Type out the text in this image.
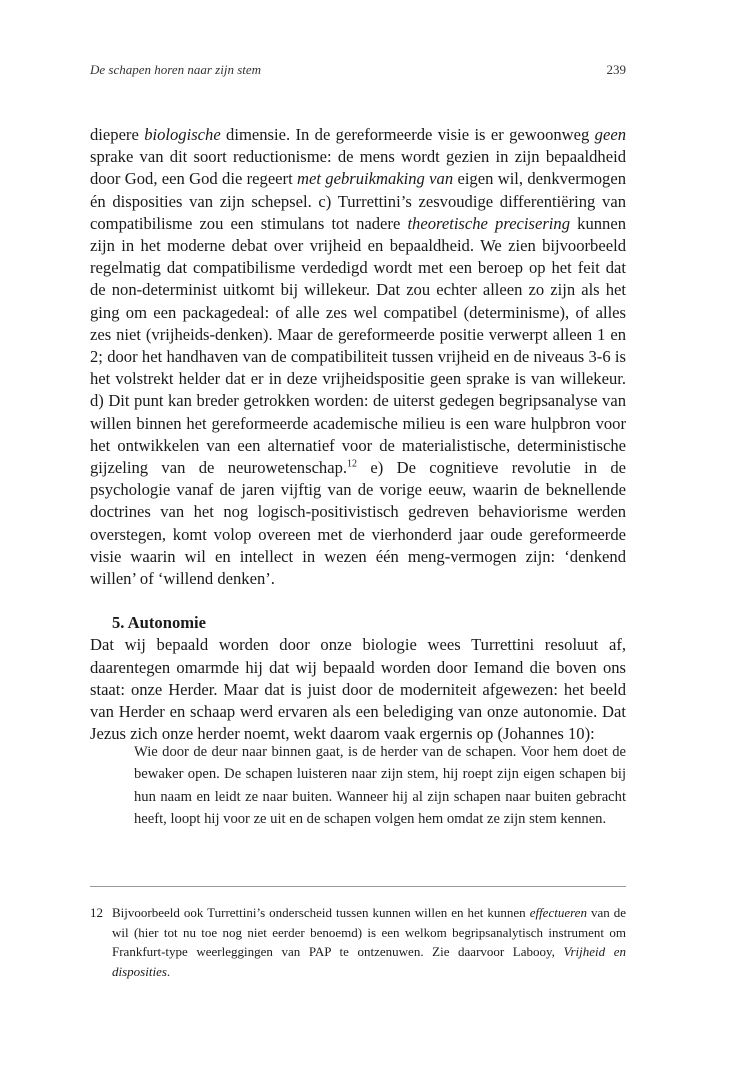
De schapen horen naar zijn stem	239

diepere biologische dimensie. In de gereformeerde visie is er gewoonweg geen sprake van dit soort reductionisme: de mens wordt gezien in zijn bepaaldheid door God, een God die regeert met gebruikmaking van eigen wil, denkvermogen én disposities van zijn schepsel. c) Turrettini’s zesvoudige differentiëring van compatibilisme zou een stimulans tot nadere theoretische precisering kunnen zijn in het moderne debat over vrijheid en bepaaldheid. We zien bijvoorbeeld regelmatig dat compatibilisme verdedigd wordt met een beroep op het feit dat de non-determinist uitkomt bij willekeur. Dat zou echter alleen zo zijn als het ging om een packagedeal: of alle zes wel compatibel (determinisme), of alles zes niet (vrijheids-denken). Maar de gereformeerde positie verwerpt alleen 1 en 2; door het handhaven van de compatibiliteit tussen vrijheid en de niveaus 3-6 is het volstrekt helder dat er in deze vrijheidspositie geen sprake is van willekeur. d) Dit punt kan breder getrokken worden: de uiterst gedegen begripsanalyse van willen binnen het gereformeerde academische milieu is een ware hulpbron voor het ontwikkelen van een alternatief voor de materialistische, deterministische gijzeling van de neurowetenschap.$^{12}$ e) De cognitieve revolutie in de psychologie vanaf de jaren vijftig van de vorige eeuw, waarin de beknellende doctrines van het nog logisch-positivistisch gedreven behaviorisme werden overstegen, komt volop overeen met de vierhonderd jaar oude gereformeerde visie waarin wil en intellect in wezen één meng-vermogen zijn: ‘denkend willen’ of ‘willend denken’.

5. Autonomie

Dat wij bepaald worden door onze biologie wees Turrettini resoluut af, daarentegen omarmde hij dat wij bepaald worden door Iemand die boven ons staat: onze Herder. Maar dat is juist door de moderniteit afgewezen: het beeld van Herder en schaap werd ervaren als een belediging van onze autonomie. Dat Jezus zich onze herder noemt, wekt daarom vaak ergernis op (Johannes 10):

Wie door de deur naar binnen gaat, is de herder van de schapen. Voor hem doet de bewaker open. De schapen luisteren naar zijn stem, hij roept zijn eigen schapen bij hun naam en leidt ze naar buiten. Wanneer hij al zijn schapen naar buiten gebracht heeft, loopt hij voor ze uit en de schapen volgen hem omdat ze zijn stem kennen.
12 Bijvoorbeeld ook Turrettini’s onderscheid tussen kunnen willen en het kunnen effectueren van de wil (hier tot nu toe nog niet eerder benoemd) is een welkom begripsanalytisch instrument om Frankfurt-type weerleggingen van PAP te ontzenuwen. Zie daarvoor Labooy, Vrijheid en disposities.
